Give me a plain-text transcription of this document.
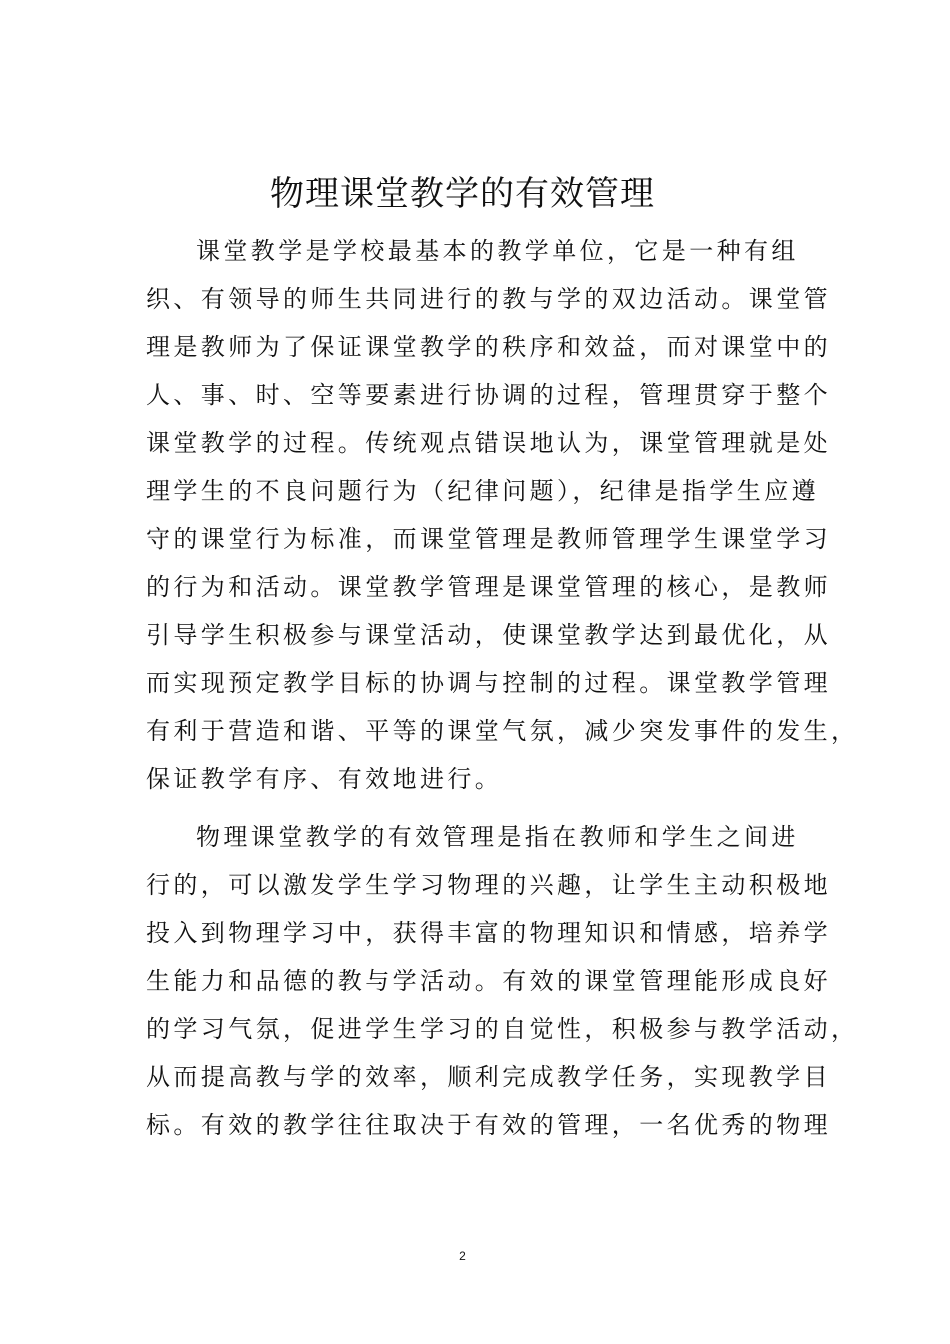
物理课堂教学的有效管理
课堂教学是学校最基本的教学单位，它是一种有组
织、有领导的师生共同进行的教与学的双边活动。课堂管
理是教师为了保证课堂教学的秩序和效益，而对课堂中的
人、事、时、空等要素进行协调的过程，管理贯穿于整个
课堂教学的过程。传统观点错误地认为，课堂管理就是处
理学生的不良问题行为（纪律问题），纪律是指学生应遵
守的课堂行为标准，而课堂管理是教师管理学生课堂学习
的行为和活动。课堂教学管理是课堂管理的核心，是教师
引导学生积极参与课堂活动，使课堂教学达到最优化，从
而实现预定教学目标的协调与控制的过程。课堂教学管理
有利于营造和谐、平等的课堂气氛，减少突发事件的发生，
保证教学有序、有效地进行。
物理课堂教学的有效管理是指在教师和学生之间进
行的，可以激发学生学习物理的兴趣，让学生主动积极地
投入到物理学习中，获得丰富的物理知识和情感，培养学
生能力和品德的教与学活动。有效的课堂管理能形成良好
的学习气氛，促进学生学习的自觉性，积极参与教学活动，
从而提高教与学的效率，顺利完成教学任务，实现教学目
标。有效的教学往往取决于有效的管理，一名优秀的物理
2
